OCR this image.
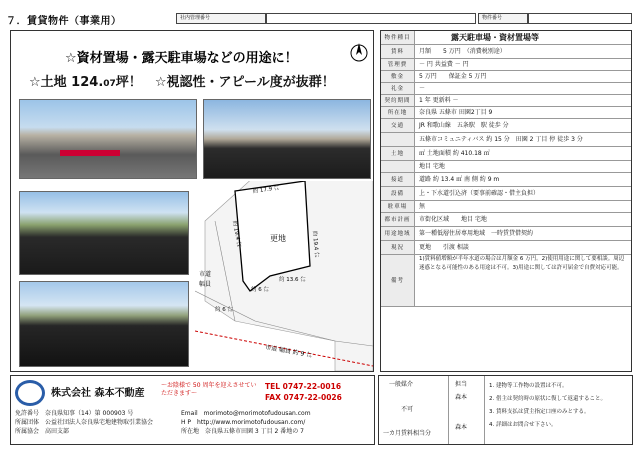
７．賃貸物件（事業用）	社内管理番号	物件番号
☆資材置場・露天駐車場などの用途に！
☆土地 124.07坪！　 ☆視認性・アピール度が抜群！
更地
市道
幅員
約 6 ㍍
市道 幅員 約 9 ㍍
約 17.9 ㍍
約 19.4 ㍍
約 6 ㍍
約 13.6 ㍍
約 19.4 ㍍
物件種目	露天駐車場・資材置場等
賃料	月額　　5 万円　（消費税別途）
管理費	－ 円 共益費 － 円
敷金	5 万円　　保証金 5 万円
礼金	－
契約期間	1 年 更新料 －
所在地	奈良県 五條市 田園2丁目 9
交通	JR 和歌山線　五条駅　駅 徒歩 分
五條市コミュニティバス 約 15 分　田園 2 丁目 停 徒歩 3 分
土地	㎡ 土地面積 約 410.18 ㎡
地目 宅地
接道	道路 約 13.4 ㎡ 南 側 約 9 m
設備	上・下水道引込済（要事前確認・借主負担）
駐車場	無
都市計画	市街化区域　　地目 宅地
用途地域	第一種低層住居専用地域　一時賃貸借契約
現況	更地　　引渡 相談
備考
1)賃料値増額が半年水道の場合は月額金 6 万円。2)使用用途に関して要相談。周辺迷惑となる可能性のある用途は不可。3)用途に関しては許可届金で自費対応可能。
株式会社 森本不動産
～お陰様で 50 周年を迎えさせていただきます～
TEL 0747-22-0016
FAX 0747-22-0026
免許番号　奈良県知事（14）第 000903 号
所属団体　公益社団法人奈良県宅地建物取引業協会
所属協会　高田支部
Email　morimoto@morimotofudousan.com
H P　http://www.morimotofudousan.com/
所在地　奈良県五條市田園 3 丁目 2 番地の 7
一般媒介
不可
一カ月賃料相当分
担当
森本
森本
1. 建物等工作物の設置は不可。
2. 借主は契約時の原状に復して返還すること。
3. 賃料支払は貸主指定口座のみとする。
4. 詳細はお問合せ下さい。
